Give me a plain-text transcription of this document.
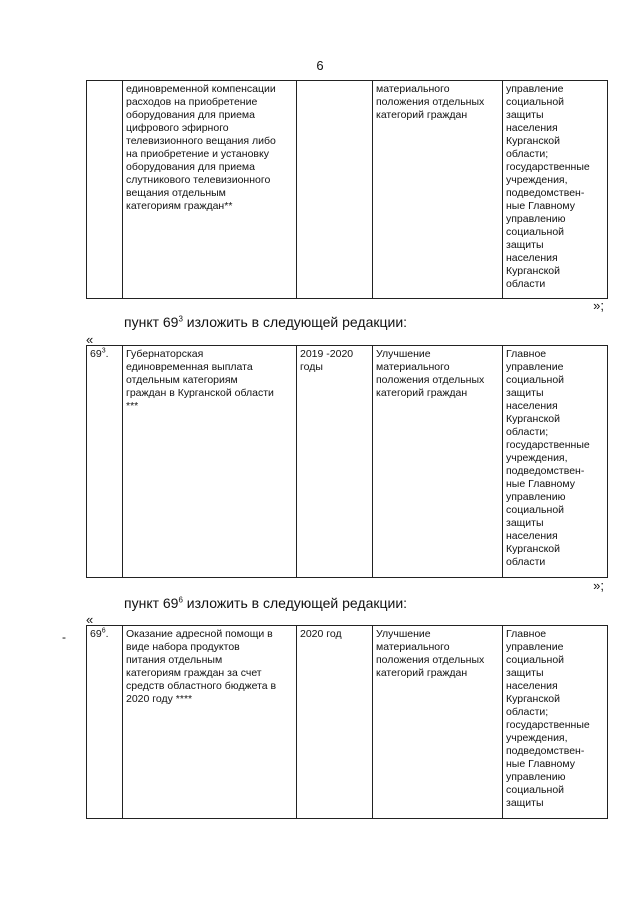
6
	единовременной компенсации
расходов на приобретение
оборудования для приема
цифрового эфирного
телевизионного вещания либо
на приобретение и установку
оборудования для приема
слутникового телевизионного
вещания отдельным
категориям граждан**		материального
положения отдельных
категорий граждан	управление
социальной
защиты
населения
Курганской
области;
государственные
учреждения,
подведомствен-
ные Главному
управлению
социальной
защиты
населения
Курганской
области
»;
пункт $69^3$ изложить в следующей редакции:
«
$69^3$.	Губернаторская
единовременная выплата
отдельным категориям
граждан в Курганской области
***	2019 -2020
годы	Улучшение
материального
положения отдельных
категорий граждан	Главное
управление
социальной
защиты
населения
Курганской
области;
государственные
учреждения,
подведомствен-
ные Главному
управлению
социальной
защиты
населения
Курганской
области
»;
пункт $69^6$ изложить в следующей редакции:
«
- $69^6$.	Оказание адресной помощи в
виде набора продуктов
питания отдельным
категориям граждан за счет
средств областного бюджета в
2020 году ****	2020 год	Улучшение
материального
положения отдельных
категорий граждан	Главное
управление
социальной
защиты
населения
Курганской
области;
государственные
учреждения,
подведомствен-
ные Главному
управлению
социальной
защиты
